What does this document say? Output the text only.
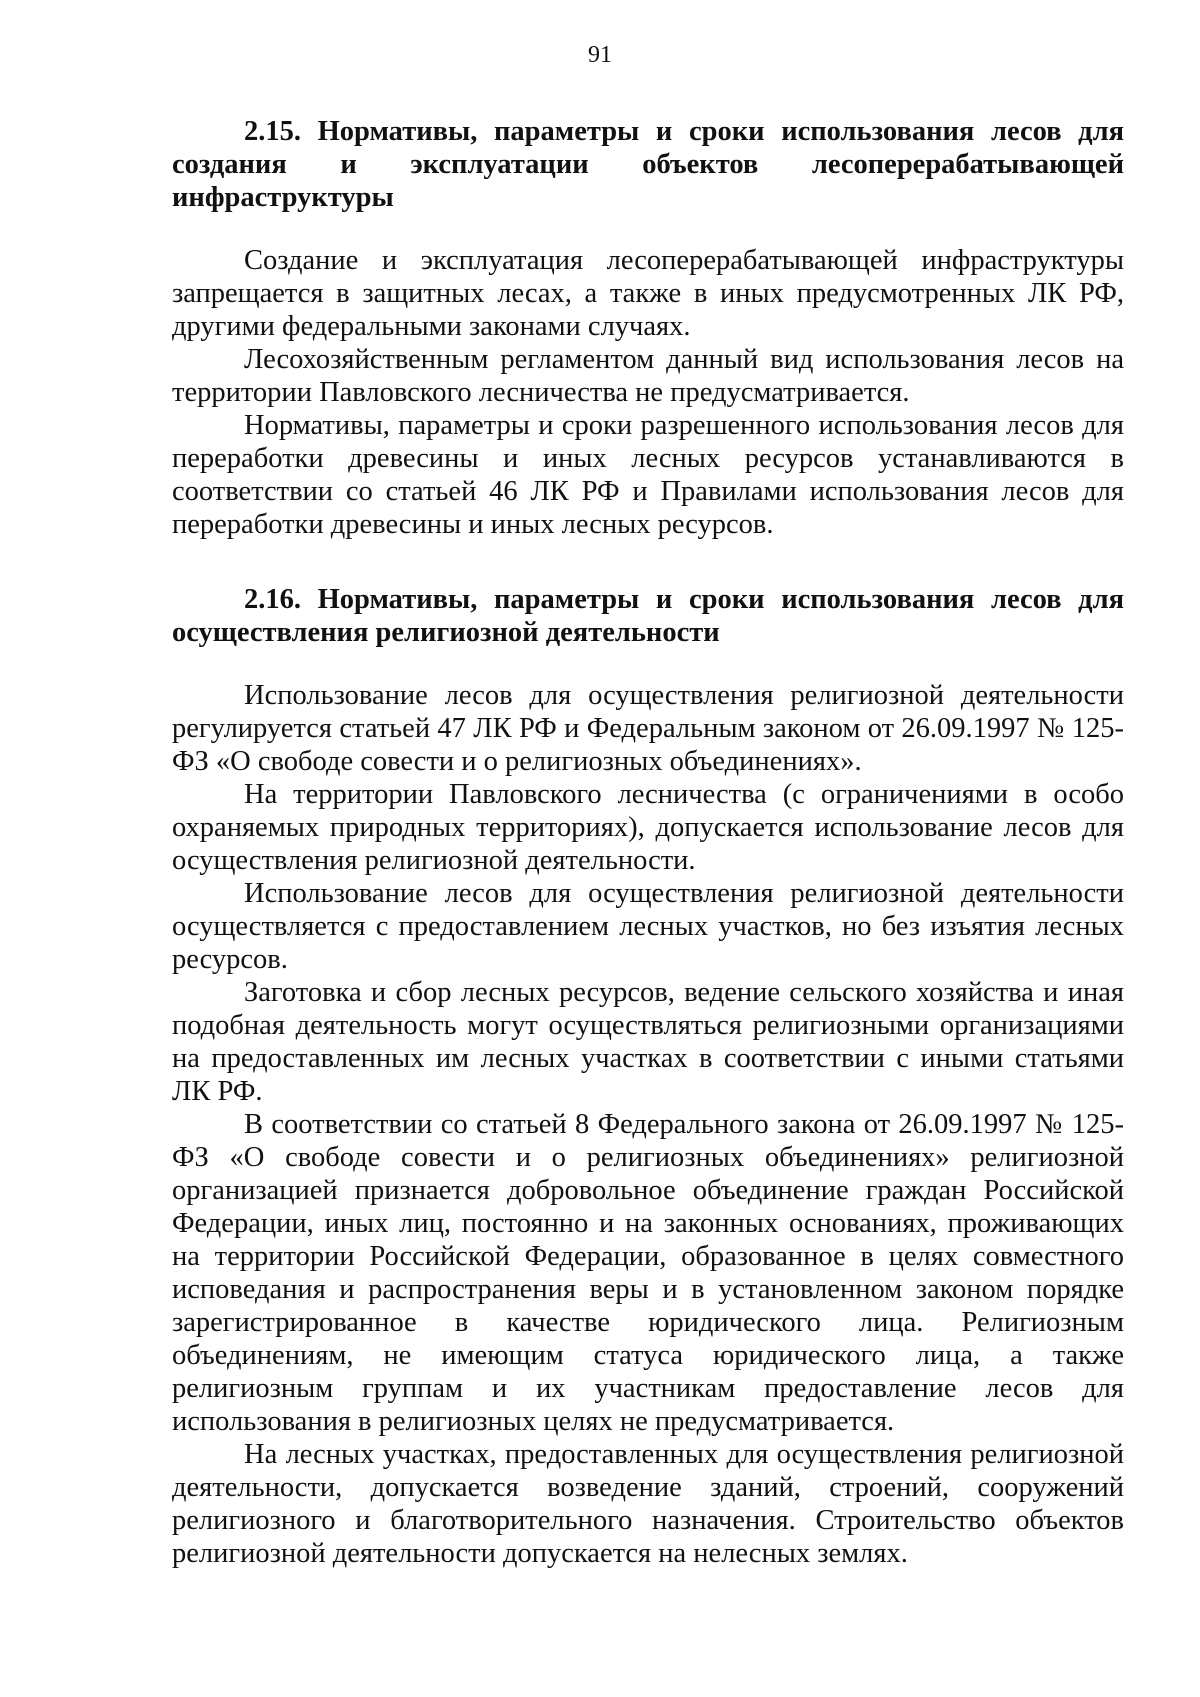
91

2.15. Нормативы, параметры и сроки использования лесов для создания и эксплуатации объектов лесоперерабатывающей инфраструктуры

Создание и эксплуатация лесоперерабатывающей инфраструктуры запрещается в защитных лесах, а также в иных предусмотренных ЛК РФ, другими федеральными законами случаях.

Лесохозяйственным регламентом данный вид использования лесов на территории Павловского лесничества не предусматривается.

Нормативы, параметры и сроки разрешенного использования лесов для переработки древесины и иных лесных ресурсов устанавливаются в соответствии со статьей 46 ЛК РФ и Правилами использования лесов для переработки древесины и иных лесных ресурсов.

2.16. Нормативы, параметры и сроки использования лесов для осуществления религиозной деятельности

Использование лесов для осуществления религиозной деятельности регулируется статьей 47 ЛК РФ и Федеральным законом от 26.09.1997 № 125-ФЗ «О свободе совести и о религиозных объединениях».

На территории Павловского лесничества (с ограничениями в особо охраняемых природных территориях), допускается использование лесов для осуществления религиозной деятельности.

Использование лесов для осуществления религиозной деятельности осуществляется с предоставлением лесных участков, но без изъятия лесных ресурсов.

Заготовка и сбор лесных ресурсов, ведение сельского хозяйства и иная подобная деятельность могут осуществляться религиозными организациями на предоставленных им лесных участках в соответствии с иными статьями ЛК РФ.

В соответствии со статьей 8 Федерального закона от 26.09.1997 № 125-ФЗ «О свободе совести и о религиозных объединениях» религиозной организацией признается добровольное объединение граждан Российской Федерации, иных лиц, постоянно и на законных основаниях, проживающих на территории Российской Федерации, образованное в целях совместного исповедания и распространения веры и в установленном законом порядке зарегистрированное в качестве юридического лица. Религиозным объединениям, не имеющим статуса юридического лица, а также религиозным группам и их участникам предоставление лесов для использования в религиозных целях не предусматривается.

На лесных участках, предоставленных для осуществления религиозной деятельности, допускается возведение зданий, строений, сооружений религиозного и благотворительного назначения. Строительство объектов религиозной деятельности допускается на нелесных землях.
